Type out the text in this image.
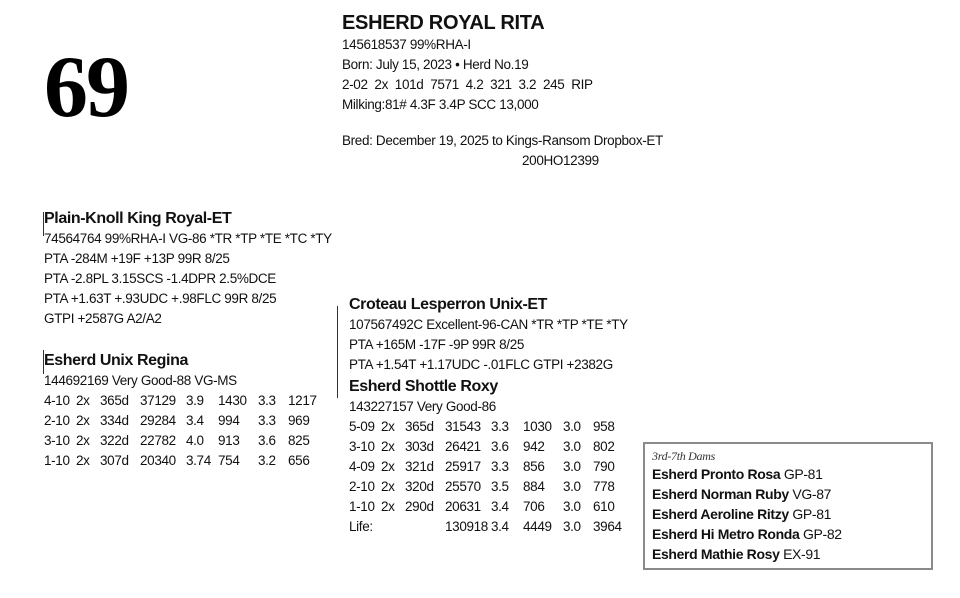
69
ESHERD ROYAL RITA
145618537 99%RHA-I
Born: July 15, 2023 • Herd No.19
2-02  2x  101d  7571  4.2  321  3.2  245  RIP
Milking:81# 4.3F 3.4P SCC 13,000
Bred: December 19, 2025 to Kings-Ransom Dropbox-ET
200HO12399
Plain-Knoll King Royal-ET
74564764 99%RHA-I VG-86 *TR *TP *TE *TC *TY
PTA -284M +19F +13P 99R 8/25
PTA -2.8PL 3.15SCS -1.4DPR 2.5%DCE
PTA +1.63T +.93UDC +.98FLC 99R 8/25
GTPI +2587G A2/A2
Esherd Unix Regina
144692169 Very Good-88 VG-MS
4-10	2x	365d	37129	3.9	1430	3.3	1217
2-10	2x	334d	29284	3.4	994	3.3	969
3-10	2x	322d	22782	4.0	913	3.6	825
1-10	2x	307d	20340	3.74	754	3.2	656
Croteau Lesperron Unix-ET
107567492C Excellent-96-CAN *TR *TP *TE *TY
PTA +165M -17F -9P 99R 8/25
PTA +1.54T +1.17UDC -.01FLC GTPI +2382G
Esherd Shottle Roxy
143227157 Very Good-86
5-09	2x	365d	31543	3.3	1030	3.0	958
3-10	2x	303d	26421	3.6	942	3.0	802
4-09	2x	321d	25917	3.3	856	3.0	790
2-10	2x	320d	25570	3.5	884	3.0	778
1-10	2x	290d	20631	3.4	706	3.0	610
Life:			130918	3.4	4449	3.0	3964
3rd-7th Dams
Esherd Pronto Rosa GP-81
Esherd Norman Ruby VG-87
Esherd Aeroline Ritzy GP-81
Esherd Hi Metro Ronda GP-82
Esherd Mathie Rosy EX-91
